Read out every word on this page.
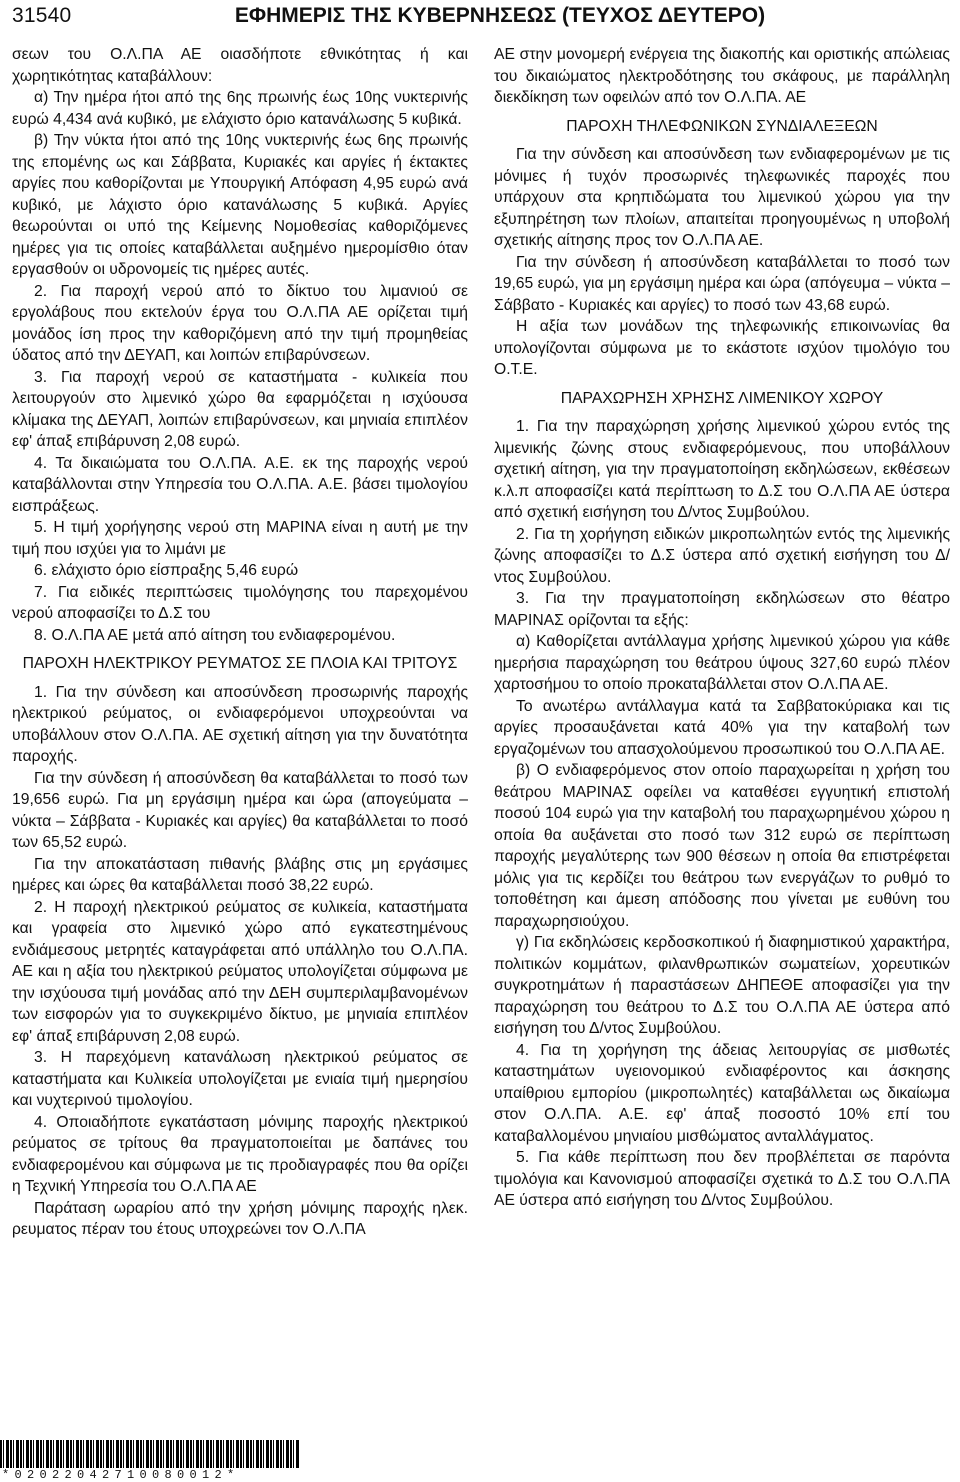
31540	ΕΦΗΜΕΡΙΣ ΤΗΣ ΚΥΒΕΡΝΗΣΕΩΣ (ΤΕΥΧΟΣ ΔΕΥΤΕΡΟ)

σεων του Ο.Λ.ΠΑ ΑΕ οιασδήποτε εθνικότητας ή και χωρητικότητας καταβάλλουν:

α) Την ημέρα ήτοι από της 6ης πρωινής έως 10ης νυκτερινής ευρώ 4,434 ανά κυβικό, με ελάχιστο όριο κατανάλωσης 5 κυβικά.

β) Την νύκτα ήτοι από της 10ης νυκτερινής έως 6ης πρωινής της επομένης ως και Σάββατα, Κυριακές και αργίες ή έκτακτες αργίες που καθορίζονται με Υπουργική Απόφαση 4,95 ευρώ ανά κυβικό, με λάχιστο όριο κατανάλωσης 5 κυβικά. Αργίες θεωρούνται οι υπό της Κείμενης Νομοθεσίας καθοριζόμενες ημέρες για τις οποίες καταβάλλεται αυξημένο ημερομίσθιο όταν εργασθούν οι υδρονομείς τις ημέρες αυτές.

2. Για παροχή νερού από το δίκτυο του λιμανιού σε εργολάβους που εκτελούν έργα του Ο.Λ.ΠΑ ΑΕ ορίζεται τιμή μονάδος ίση προς την καθοριζόμενη από την τιμή προμηθείας ύδατος από την ΔΕΥΑΠ, και λοιπών επιβαρύνσεων.

3. Για παροχή νερού σε καταστήματα - κυλικεία που λειτουργούν στο λιμενικό χώρο θα εφαρμόζεται η ισχύουσα κλίμακα της ΔΕΥΑΠ, λοιπών επιβαρύνσεων, και μηνιαία επιπλέον εφ' άπαξ επιβάρυνση 2,08 ευρώ.

4. Τα δικαιώματα του Ο.Λ.ΠΑ. Α.Ε. εκ της παροχής νερού καταβάλλονται στην Υπηρεσία του Ο.Λ.ΠΑ. Α.Ε. βάσει τιμολογίου εισπράξεως.

5. Η τιμή χορήγησης νερού στη ΜΑΡΙΝΑ είναι η αυτή με την τιμή που ισχύει για το λιμάνι με

6. ελάχιστο όριο είσπραξης 5,46 ευρώ

7. Για ειδικές περιπτώσεις τιμολόγησης του παρεχομένου νερού αποφασίζει το Δ.Σ του

8. Ο.Λ.ΠΑ ΑΕ μετά από αίτηση του ενδιαφερομένου.

ΠΑΡΟΧΗ ΗΛΕΚΤΡΙΚΟΥ ΡΕΥΜΑΤΟΣ ΣΕ ΠΛΟΙΑ ΚΑΙ ΤΡΙΤΟΥΣ

1. Για την σύνδεση και αποσύνδεση προσωρινής παροχής ηλεκτρικού ρεύματος, οι ενδιαφερόμενοι υποχρεούνται να υποβάλλουν στον Ο.Λ.ΠΑ. ΑΕ σχετική αίτηση για την δυνατότητα παροχής.

Για την σύνδεση ή αποσύνδεση θα καταβάλλεται το ποσό των 19,656 ευρώ. Για μη εργάσιμη ημέρα και ώρα (απογεύματα – νύκτα – Σάββατα - Κυριακές και αργίες) θα καταβάλλεται το ποσό των 65,52 ευρώ.

Για την αποκατάσταση πιθανής βλάβης στις μη εργάσιμες ημέρες και ώρες θα καταβάλλεται ποσό 38,22 ευρώ.

2. Η παροχή ηλεκτρικού ρεύματος σε κυλικεία, καταστήματα και γραφεία στο λιμενικό χώρο από εγκατεστημένους ενδιάμεσους μετρητές καταγράφεται από υπάλληλο του Ο.Λ.ΠΑ. ΑΕ και η αξία του ηλεκτρικού ρεύματος υπολογίζεται σύμφωνα με την ισχύουσα τιμή μονάδας από την ΔΕΗ συμπεριλαμβανομένων των εισφορών για το συγκεκριμένο δίκτυο, με μηνιαία επιπλέον εφ' άπαξ επιβάρυνση 2,08 ευρώ.

3. Η παρεχόμενη κατανάλωση ηλεκτρικού ρεύματος σε καταστήματα και Κυλικεία υπολογίζεται με ενιαία τιμή ημερησίου και νυχτερινού τιμολογίου.

4. Οποιαδήποτε εγκατάσταση μόνιμης παροχής ηλεκτρικού ρεύματος σε τρίτους θα πραγματοποιείται με δαπάνες του ενδιαφερομένου και σύμφωνα με τις προδιαγραφές που θα ορίζει η Τεχνική Υπηρεσία του Ο.Λ.ΠΑ ΑΕ

Παράταση ωραρίου από την χρήση μόνιμης παροχής ηλεκ. ρευματος πέραν του έτους υποχρεώνει τον Ο.Λ.ΠΑ

ΑΕ στην μονομερή ενέργεια της διακοπής και οριστικής απώλειας του δικαιώματος ηλεκτροδότησης του σκάφους, με παράλληλη διεκδίκηση των οφειλών από τον Ο.Λ.ΠΑ. ΑΕ

ΠΑΡΟΧΗ ΤΗΛΕΦΩΝΙΚΩΝ ΣΥΝΔΙΑΛΕΞΕΩΝ

Για την σύνδεση και αποσύνδεση των ενδιαφερομένων με τις μόνιμες ή τυχόν προσωρινές τηλεφωνικές παροχές που υπάρχουν στα κρηπιδώματα του λιμενικού χώρου για την εξυπηρέτηση των πλοίων, απαιτείται προηγουμένως η υποβολή σχετικής αίτησης προς τον Ο.Λ.ΠΑ ΑΕ.

Για την σύνδεση ή αποσύνδεση καταβάλλεται το ποσό των 19,65 ευρώ, για μη εργάσιμη ημέρα και ώρα (απόγευμα – νύκτα – Σάββατο - Κυριακές και αργίες) το ποσό των 43,68 ευρώ.

Η αξία των μονάδων της τηλεφωνικής επικοινωνίας θα υπολογίζονται σύμφωνα με το εκάστοτε ισχύον τιμολόγιο του Ο.Τ.Ε.

ΠΑΡΑΧΩΡΗΣΗ ΧΡΗΣΗΣ ΛΙΜΕΝΙΚΟΥ ΧΩΡΟΥ

1. Για την παραχώρηση χρήσης λιμενικού χώρου εντός της λιμενικής ζώνης στους ενδιαφερόμενους, που υποβάλλουν σχετική αίτηση, για την πραγματοποίηση εκδηλώσεων, εκθέσεων κ.λ.π αποφασίζει κατά περίπτωση το Δ.Σ του Ο.Λ.ΠΑ ΑΕ ύστερα από σχετική εισήγηση του Δ/ντος Συμβούλου.

2. Για τη χορήγηση ειδικών μικροπωλητών εντός της λιμενικής ζώνης αποφασίζει το Δ.Σ ύστερα από σχετική εισήγηση του Δ/ντος Συμβούλου.

3. Για την πραγματοποίηση εκδηλώσεων στο θέατρο ΜΑΡΙΝΑΣ ορίζονται τα εξής:

α) Καθορίζεται αντάλλαγμα χρήσης λιμενικού χώρου για κάθε ημερήσια παραχώρηση του θεάτρου ύψους 327,60 ευρώ πλέον χαρτοσήμου το οποίο προκαταβάλλεται στον Ο.Λ.ΠΑ ΑΕ.

Το ανωτέρω αντάλλαγμα κατά τα Σαββατοκύριακα και τις αργίες προσαυξάνεται κατά 40% για την καταβολή των εργαζομένων του απασχολούμενου προσωπικού του Ο.Λ.ΠΑ ΑΕ.

β) Ο ενδιαφερόμενος στον οποίο παραχωρείται η χρήση του θεάτρου ΜΑΡΙΝΑΣ οφείλει να καταθέσει εγγυητική επιστολή ποσού 104 ευρώ για την καταβολή του παραχωρημένου χώρου η οποία θα αυξάνεται στο ποσό των 312 ευρώ σε περίπτωση παροχής μεγαλύτερης των 900 θέσεων η οποία θα επιστρέφεται μόλις για τις κερδίζει του θεάτρου των ενεργάζων το ρυθμό το τοποθέτηση και άμεση απόδοσης που γίνεται με ευθύνη του παραχωρησιούχου.

γ) Για εκδηλώσεις κερδοσκοπικού ή διαφημιστικού χαρακτήρα, πολιτικών κομμάτων, φιλανθρωπικών σωματείων, χορευτικών συγκροτημάτων ή παραστάσεων ΔΗΠΕΘΕ αποφασίζει για την παραχώρηση του θεάτρου το Δ.Σ του Ο.Λ.ΠΑ ΑΕ ύστερα από εισήγηση του Δ/ντος Συμβούλου.

4. Για τη χορήγηση της άδειας λειτουργίας σε μισθωτές καταστημάτων υγειονομικού ενδιαφέροντος και άσκησης υπαίθριου εμπορίου (μικροπωλητές) καταβάλλεται ως δικαίωμα στον Ο.Λ.ΠΑ. Α.Ε. εφ' άπαξ ποσοστό 10% επί του καταβαλλομένου μηνιαίου μισθώματος ανταλλάγματος.

5. Για κάθε περίπτωση που δεν προβλέπεται σε παρόντα τιμολόγια και Κανονισμού αποφασίζει σχετικά το Δ.Σ του Ο.Λ.ΠΑ ΑΕ ύστερα από εισήγηση του Δ/ντος Συμβούλου.

*02022042710080012*
